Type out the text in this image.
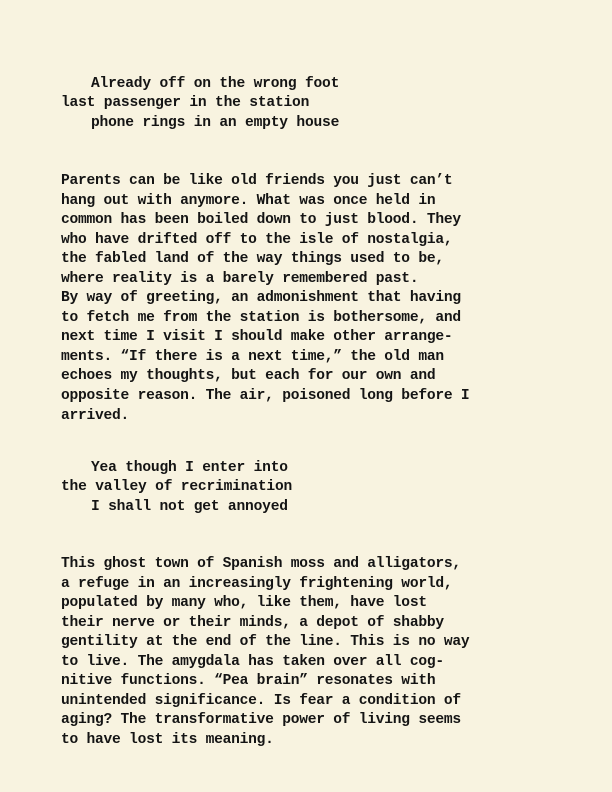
Already off on the wrong foot
last passenger in the station
phone rings in an empty house
Parents can be like old friends you just can’t
hang out with anymore. What was once held in
common has been boiled down to just blood. They
who have drifted off to the isle of nostalgia,
the fabled land of the way things used to be,
where reality is a barely remembered past.
By way of greeting, an admonishment that having
to fetch me from the station is bothersome, and
next time I visit I should make other arrange-
ments. “If there is a next time,” the old man
echoes my thoughts, but each for our own and
opposite reason. The air, poisoned long before I
arrived.
Yea though I enter into
the valley of recrimination
I shall not get annoyed
This ghost town of Spanish moss and alligators,
a refuge in an increasingly frightening world,
populated by many who, like them, have lost
their nerve or their minds, a depot of shabby
gentility at the end of the line. This is no way
to live. The amygdala has taken over all cog-
nitive functions. “Pea brain” resonates with
unintended significance. Is fear a condition of
aging? The transformative power of living seems
to have lost its meaning.
